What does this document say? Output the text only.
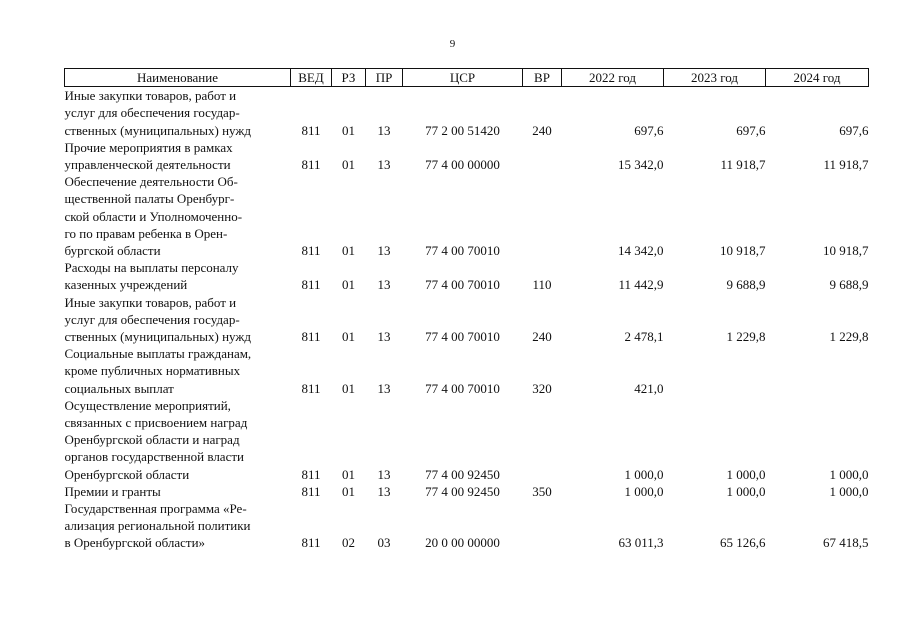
9
Наименование	ВЕД	РЗ	ПР	ЦСР	ВР	2022 год	2023 год	2024 год

Иные закупки товаров, работ и
услуг для обеспечения государ-
ственных (муниципальных) нужд	811	01	13	77 2 00 51420	240	697,6	697,6	697,6

Прочие мероприятия в рамках
управленческой деятельности	811	01	13	77 4 00 00000		15 342,0	11 918,7	11 918,7

Обеспечение деятельности Об-
щественной палаты Оренбург-
ской области и Уполномоченно-
го по правам ребенка в Орен-
бургской области	811	01	13	77 4 00 70010		14 342,0	10 918,7	10 918,7

Расходы на выплаты персоналу
казенных учреждений	811	01	13	77 4 00 70010	110	11 442,9	9 688,9	9 688,9

Иные закупки товаров, работ и
услуг для обеспечения государ-
ственных (муниципальных) нужд	811	01	13	77 4 00 70010	240	2 478,1	1 229,8	1 229,8

Социальные выплаты гражданам,
кроме публичных нормативных
социальных выплат	811	01	13	77 4 00 70010	320	421,0		

Осуществление мероприятий,
связанных с присвоением наград
Оренбургской области и наград
органов государственной власти
Оренбургской области	811	01	13	77 4 00 92450		1 000,0	1 000,0	1 000,0

Премии и гранты	811	01	13	77 4 00 92450	350	1 000,0	1 000,0	1 000,0

Государственная программа «Ре-
ализация региональной политики
в Оренбургской области»	811	02	03	20 0 00 00000		63 011,3	65 126,6	67 418,5
